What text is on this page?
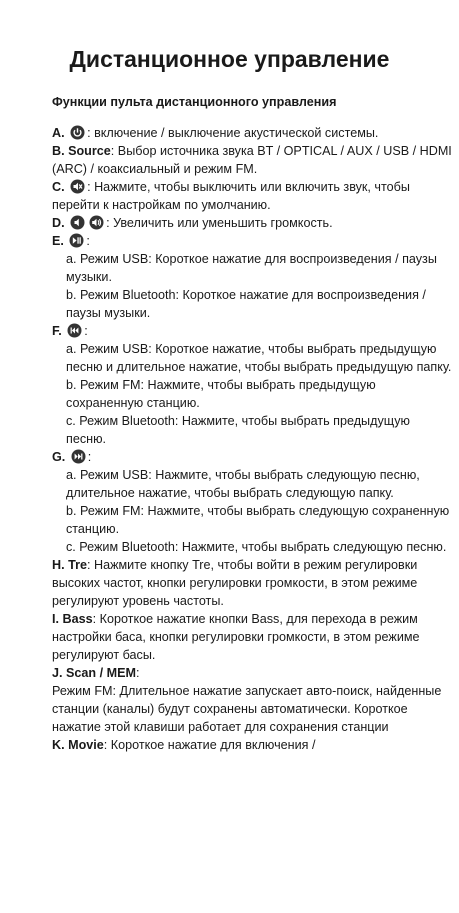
Дистанционное управление
Функции пульта дистанционного управления
A. : включение / выключение акустической системы.
B. Source: Выбор источника звука BT / OPTICAL / AUX / USB / HDMI (ARC) / коаксиальный и режим FM.
C. : Нажмите, чтобы выключить или включить звук, чтобы перейти к настройкам по умолчанию.
D.	: Увеличить или уменьшить громкость.
E. :
a. Режим USB: Короткое нажатие для воспроизведения / паузы музыки.
b. Режим Bluetooth: Короткое нажатие для воспроизведения / паузы музыки.
F. :
a. Режим USB: Короткое нажатие, чтобы выбрать предыдущую песню и длительное нажатие, чтобы выбрать предыдущую папку.
b. Режим FM: Нажмите, чтобы выбрать предыдущую сохраненную станцию.
c. Режим Bluetooth: Нажмите, чтобы выбрать предыдущую песню.
G. :
a. Режим USB: Нажмите, чтобы выбрать следующую песню, длительное нажатие, чтобы выбрать следующую папку.
b. Режим FM: Нажмите, чтобы выбрать следующую сохраненную станцию.
c. Режим Bluetooth: Нажмите, чтобы выбрать следующую песню.
H. Tre: Нажмите кнопку Tre, чтобы войти в режим регулировки высоких частот, кнопки регулировки громкости, в этом режиме регулируют уровень частоты.
I. Bass: Короткое нажатие кнопки Bass, для перехода в режим настройки баса, кнопки регулировки громкости, в этом режиме регулируют басы.
J. Scan / MEM:
Режим FM: Длительное нажатие запускает авто-поиск, найденные станции (каналы) будут сохранены автоматически. Короткое нажатие этой клавиши работает для сохранения станции
K. Movie: Короткое нажатие для включения /
